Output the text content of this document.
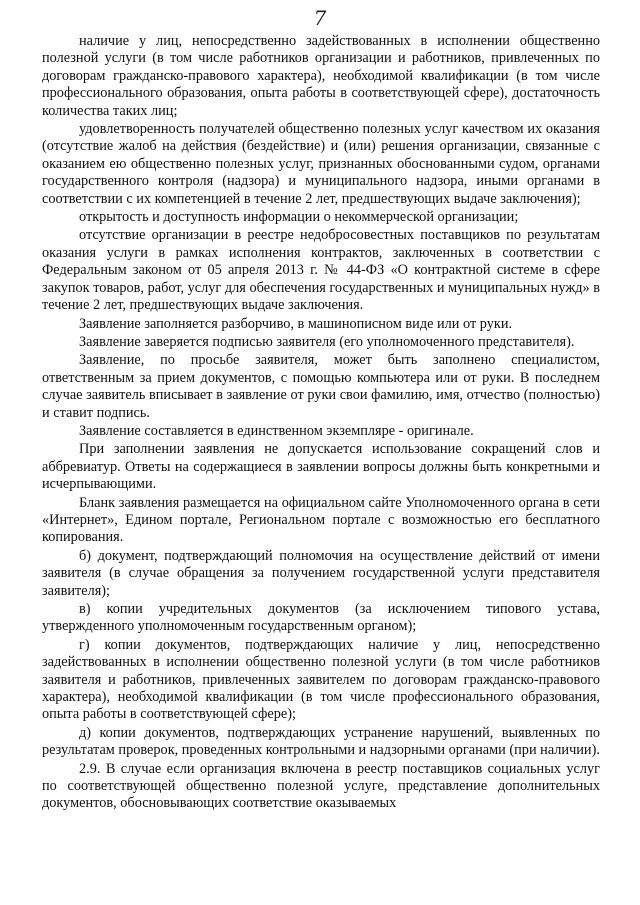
7

наличие у лиц, непосредственно задействованных в исполнении общественно полезной услуги (в том числе работников организации и работников, привлеченных по договорам гражданско-правового характера), необходимой квалификации (в том числе профессионального образования, опыта работы в соответствующей сфере), достаточность количества таких лиц;

удовлетворенность получателей общественно полезных услуг качеством их оказания (отсутствие жалоб на действия (бездействие) и (или) решения организации, связанные с оказанием ею общественно полезных услуг, признанных обоснованными судом, органами государственного контроля (надзора) и муниципального надзора, иными органами в соответствии с их компетенцией в течение 2 лет, предшествующих выдаче заключения);

открытость и доступность информации о некоммерческой организации;

отсутствие организации в реестре недобросовестных поставщиков по результатам оказания услуги в рамках исполнения контрактов, заключенных в соответствии с Федеральным законом от 05 апреля 2013 г. № 44-ФЗ «О контрактной системе в сфере закупок товаров, работ, услуг для обеспечения государственных и муниципальных нужд» в течение 2 лет, предшествующих выдаче заключения.

Заявление заполняется разборчиво, в машинописном виде или от руки.

Заявление заверяется подписью заявителя (его уполномоченного представителя).

Заявление, по просьбе заявителя, может быть заполнено специалистом, ответственным за прием документов, с помощью компьютера или от руки. В последнем случае заявитель вписывает в заявление от руки свои фамилию, имя, отчество (полностью) и ставит подпись.

Заявление составляется в единственном экземпляре - оригинале.

При заполнении заявления не допускается использование сокращений слов и аббревиатур. Ответы на содержащиеся в заявлении вопросы должны быть конкретными и исчерпывающими.

Бланк заявления размещается на официальном сайте Уполномоченного органа в сети «Интернет», Едином портале, Региональном портале с возможностью его бесплатного копирования.

б) документ, подтверждающий полномочия на осуществление действий от имени заявителя (в случае обращения за получением государственной услуги представителя заявителя);

в) копии учредительных документов (за исключением типового устава, утвержденного уполномоченным государственным органом);

г) копии документов, подтверждающих наличие у лиц, непосредственно задействованных в исполнении общественно полезной услуги (в том числе работников заявителя и работников, привлеченных заявителем по договорам гражданско-правового характера), необходимой квалификации (в том числе профессионального образования, опыта работы в соответствующей сфере);

д) копии документов, подтверждающих устранение нарушений, выявленных по результатам проверок, проведенных контрольными и надзорными органами (при наличии).

2.9. В случае если организация включена в реестр поставщиков социальных услуг по соответствующей общественно полезной услуге, представление дополнительных документов, обосновывающих соответствие оказываемых
